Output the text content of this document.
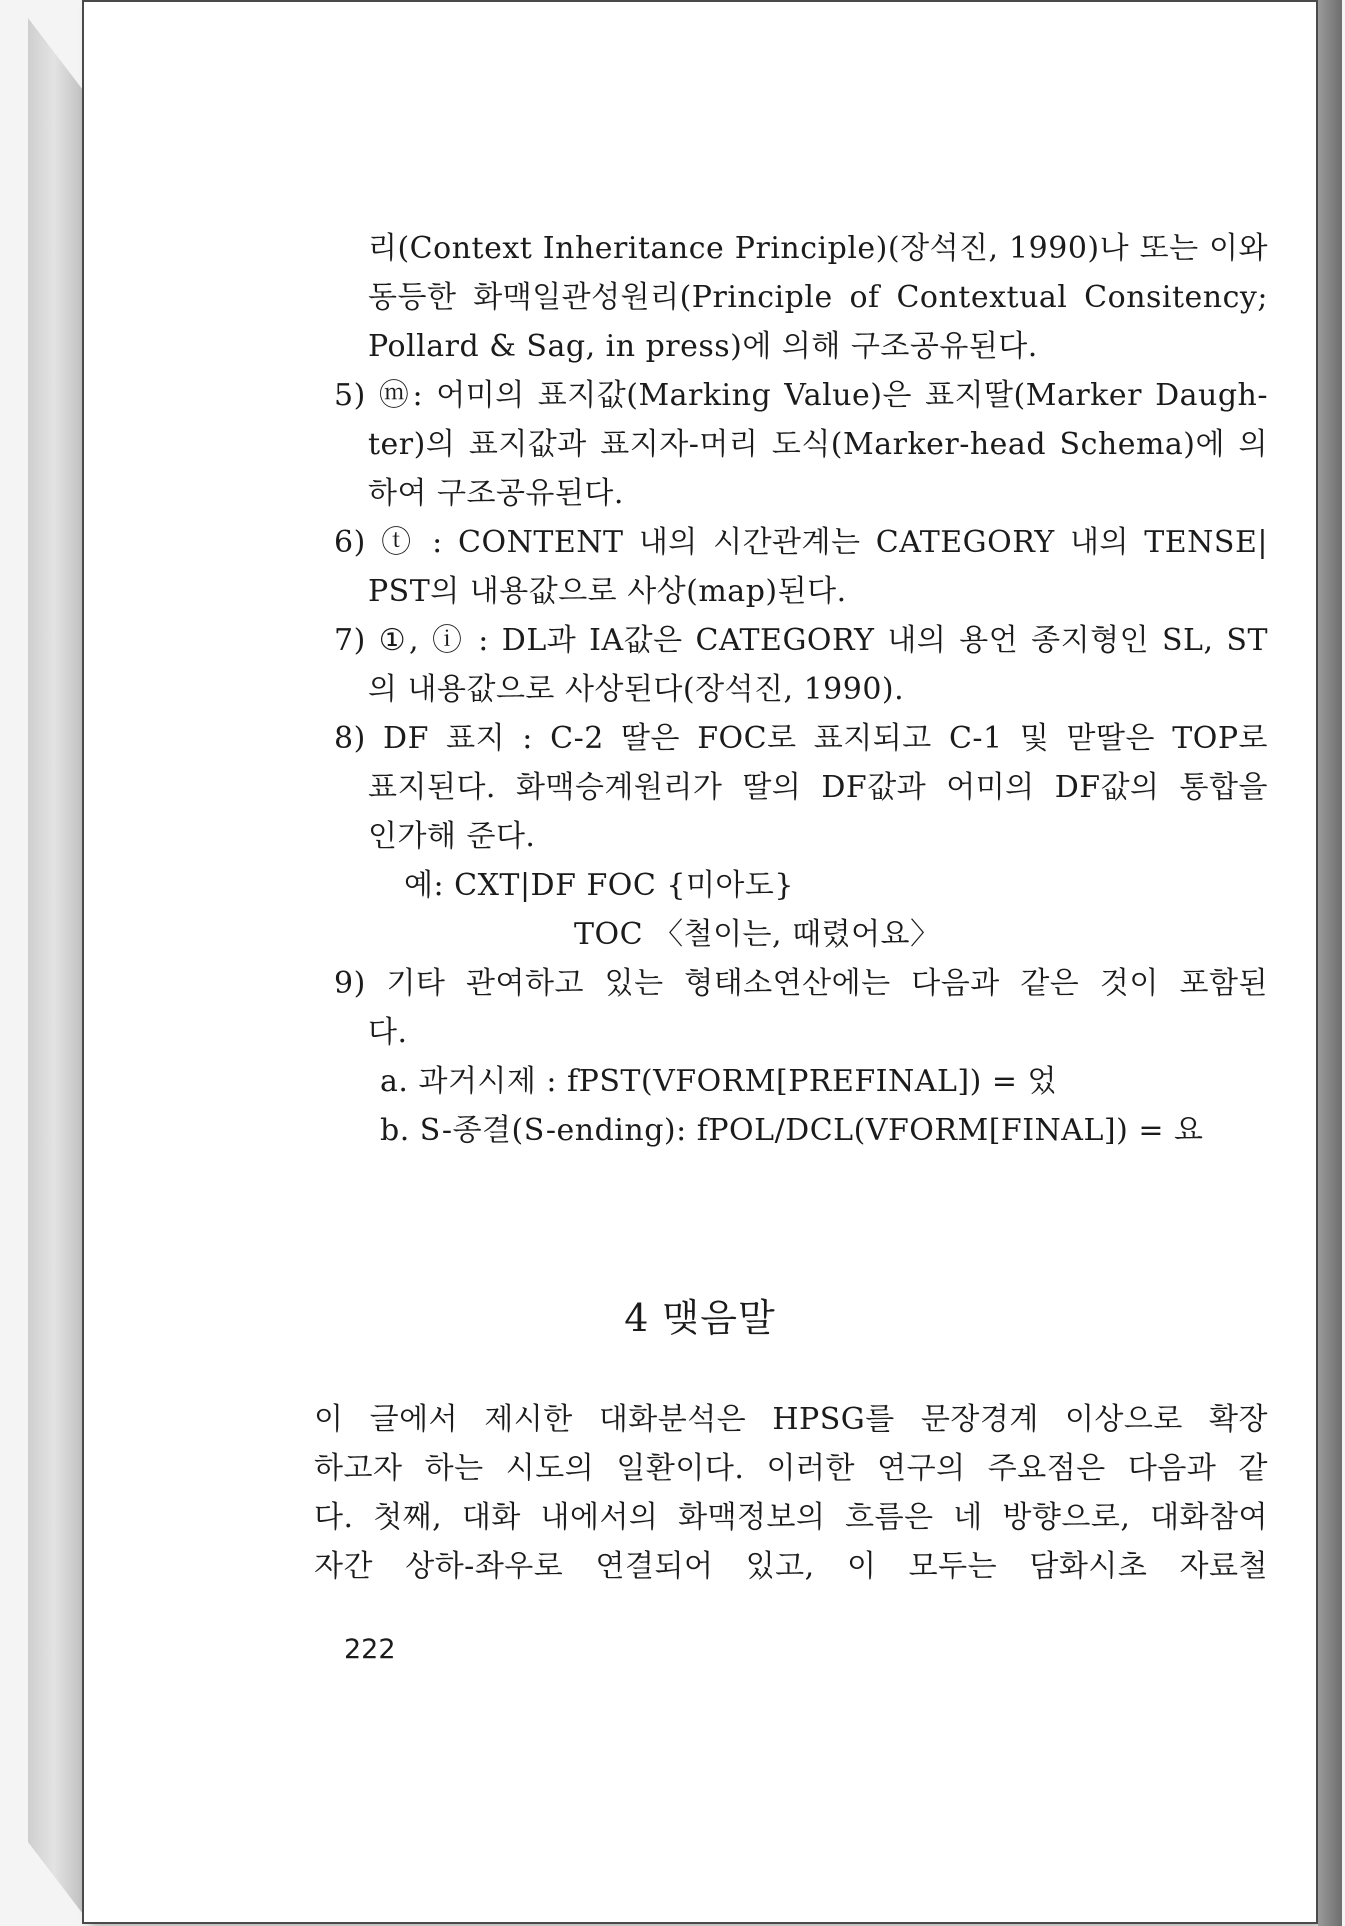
리(Context Inheritance Principle)(장석진, 1990)나 또는 이와
동등한 화맥일관성원리(Principle of Contextual Consitency;
Pollard & Sag, in press)에 의해 구조공유된다.
5) ⓜ: 어미의 표지값(Marking Value)은 표지딸(Marker Daugh-
ter)의 표지값과 표지자-머리 도식(Marker-head Schema)에 의
하여 구조공유된다.
6) ⓣ : CONTENT 내의 시간관계는 CATEGORY 내의 TENSE|
PST의 내용값으로 사상(map)된다.
7) ①, ⓘ : DL과 IA값은 CATEGORY 내의 용언 종지형인 SL, ST
의 내용값으로 사상된다(장석진, 1990).
8) DF 표지 : C-2 딸은 FOC로 표지되고 C-1 및 맏딸은 TOP로
표지된다. 화맥승계원리가 딸의 DF값과 어미의 DF값의 통합을
인가해 준다.
예: CXT|DF FOC {미아도}
TOC 〈철이는, 때렸어요〉
9) 기타 관여하고 있는 형태소연산에는 다음과 같은 것이 포함된
다.
a. 과거시제 : fPST(VFORM[PREFINAL]) = 었
b. S-종결(S-ending): fPOL/DCL(VFORM[FINAL]) = 요
4 맺음말
이 글에서 제시한 대화분석은 HPSG를 문장경계 이상으로 확장
하고자 하는 시도의 일환이다. 이러한 연구의 주요점은 다음과 같
다. 첫째, 대화 내에서의 화맥정보의 흐름은 네 방향으로, 대화참여
자간 상하-좌우로 연결되어 있고, 이 모두는 담화시초 자료철
222
